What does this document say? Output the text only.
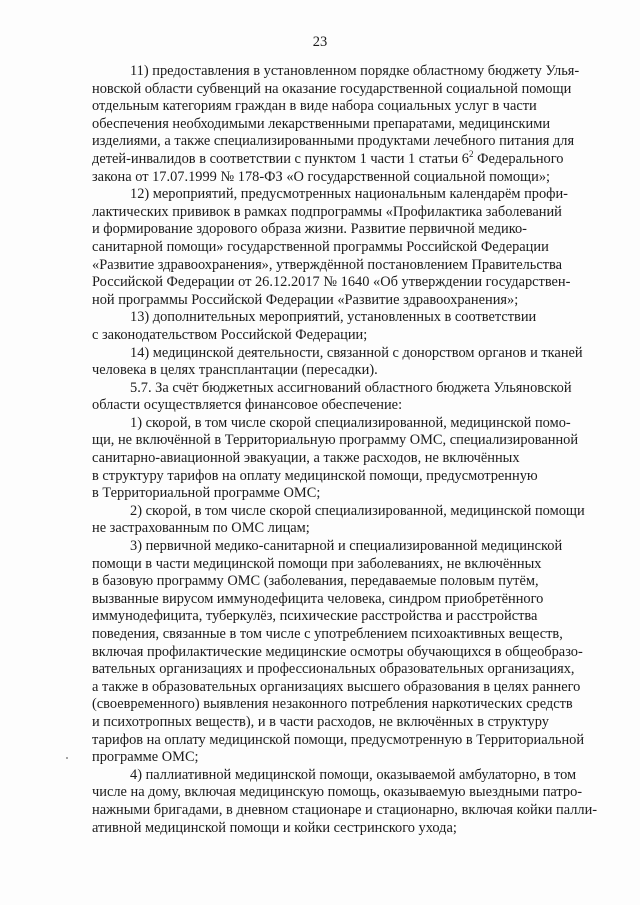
23
11) предоставления в установленном порядке областному бюджету Улья-
новской области субвенций на оказание государственной социальной помощи
отдельным категориям граждан в виде набора социальных услуг в части
обеспечения необходимыми лекарственными препаратами, медицинскими
изделиями, а также специализированными продуктами лечебного питания для
детей-инвалидов в соответствии с пунктом 1 части 1 статьи $6^2$ Федерального
закона от 17.07.1999 № 178-ФЗ «О государственной социальной помощи»;
12) мероприятий, предусмотренных национальным календарём профи-
лактических прививок в рамках подпрограммы «Профилактика заболеваний
и формирование здорового образа жизни. Развитие первичной медико-
санитарной помощи» государственной программы Российской Федерации
«Развитие здравоохранения», утверждённой постановлением Правительства
Российской Федерации от 26.12.2017 № 1640 «Об утверждении государствен-
ной программы Российской Федерации «Развитие здравоохранения»;
13) дополнительных мероприятий, установленных в соответствии
с законодательством Российской Федерации;
14) медицинской деятельности, связанной с донорством органов и тканей
человека в целях трансплантации (пересадки).
5.7. За счёт бюджетных ассигнований областного бюджета Ульяновской
области осуществляется финансовое обеспечение:
1) скорой, в том числе скорой специализированной, медицинской помо-
щи, не включённой в Территориальную программу ОМС, специализированной
санитарно-авиационной эвакуации, а также расходов, не включённых
в структуру тарифов на оплату медицинской помощи, предусмотренную
в Территориальной программе ОМС;
2) скорой, в том числе скорой специализированной, медицинской помощи
не застрахованным по ОМС лицам;
3) первичной медико-санитарной и специализированной медицинской
помощи в части медицинской помощи при заболеваниях, не включённых
в базовую программу ОМС (заболевания, передаваемые половым путём,
вызванные вирусом иммунодефицита человека, синдром приобретённого
иммунодефицита, туберкулёз, психические расстройства и расстройства
поведения, связанные в том числе с употреблением психоактивных веществ,
включая профилактические медицинские осмотры обучающихся в общеобразо-
вательных организациях и профессиональных образовательных организациях,
а также в образовательных организациях высшего образования в целях раннего
(своевременного) выявления незаконного потребления наркотических средств
и психотропных веществ), и в части расходов, не включённых в структуру
тарифов на оплату медицинской помощи, предусмотренную в Территориальной
программе ОМС;
4) паллиативной медицинской помощи, оказываемой амбулаторно, в том
числе на дому, включая медицинскую помощь, оказываемую выездными патро-
нажными бригадами, в дневном стационаре и стационарно, включая койки палли-
ативной медицинской помощи и койки сестринского ухода;
